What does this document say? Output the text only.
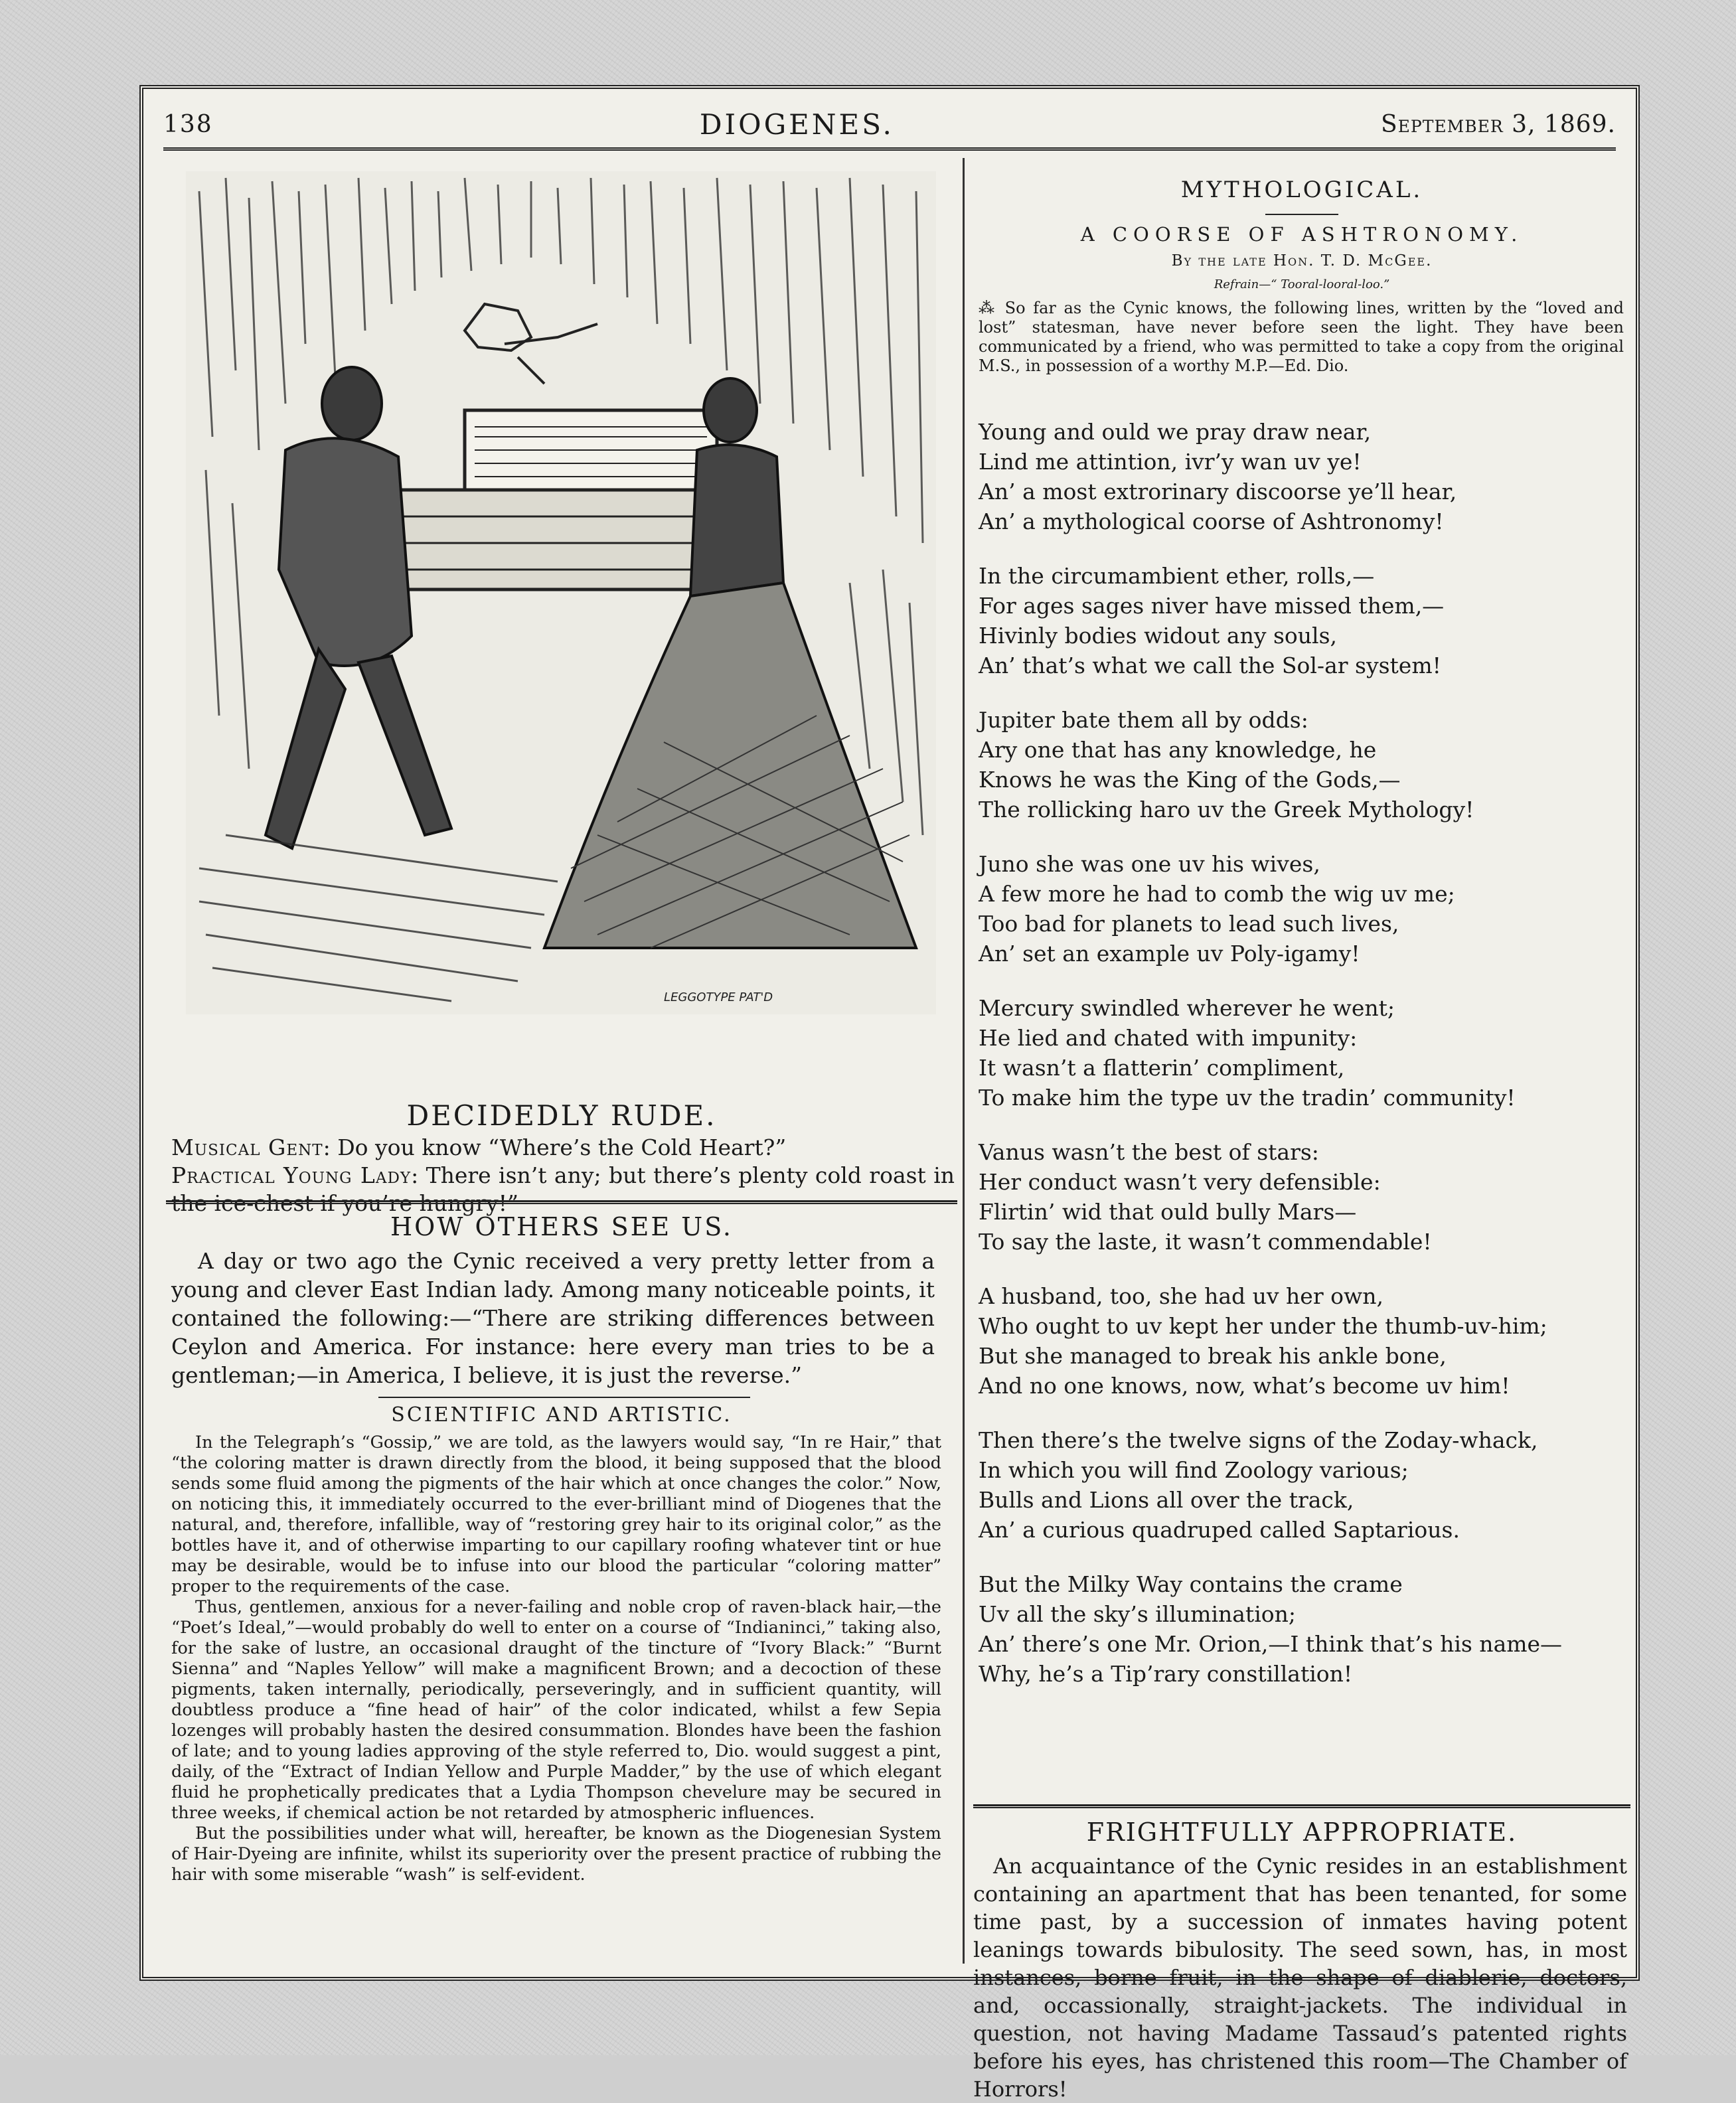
138	DIOGENES.	September 3, 1869.
LEGGOTYPE PAT'D
DECIDEDLY RUDE.
Musical Gent: Do you know “Where’s the Cold Heart?”
Practical Young Lady: There isn’t any; but there’s plenty cold roast in the ice-chest if you’re hungry!”
HOW OTHERS SEE US.
A day or two ago the Cynic received a very pretty letter from a young and clever East Indian lady. Among many noticeable points, it contained the following:—“There are striking differences between Ceylon and America. For instance: here every man tries to be a gentleman;—in America, I believe, it is just the reverse.”
SCIENTIFIC AND ARTISTIC.

In the Telegraph’s “Gossip,” we are told, as the lawyers would say, “In re Hair,” that “the coloring matter is drawn directly from the blood, it being supposed that the blood sends some fluid among the pigments of the hair which at once changes the color.” Now, on noticing this, it immediately occurred to the ever-brilliant mind of Diogenes that the natural, and, therefore, infallible, way of “restoring grey hair to its original color,” as the bottles have it, and of otherwise imparting to our capillary roofing whatever tint or hue may be desirable, would be to infuse into our blood the particular “coloring matter” proper to the requirements of the case.

Thus, gentlemen, anxious for a never-failing and noble crop of raven-black hair,—the “Poet’s Ideal,”—would probably do well to enter on a course of “Indianinci,” taking also, for the sake of lustre, an occasional draught of the tincture of “Ivory Black:” “Burnt Sienna” and “Naples Yellow” will make a magnificent Brown; and a decoction of these pigments, taken internally, periodically, perseveringly, and in sufficient quantity, will doubtless produce a “fine head of hair” of the color indicated, whilst a few Sepia lozenges will probably hasten the desired consummation. Blondes have been the fashion of late; and to young ladies approving of the style referred to, Dio. would suggest a pint, daily, of the “Extract of Indian Yellow and Purple Madder,” by the use of which elegant fluid he prophetically predicates that a Lydia Thompson chevelure may be secured in three weeks, if chemical action be not retarded by atmospheric influences.

But the possibilities under what will, hereafter, be known as the Diogenesian System of Hair-Dyeing are infinite, whilst its superiority over the present practice of rubbing the hair with some miserable “wash” is self-evident.

MYTHOLOGICAL.
A COORSE OF ASHTRONOMY.
By the late Hon. T. D. McGee.
Refrain—“ Tooral-looral-loo.”
⁂ So far as the Cynic knows, the following lines, written by the “loved and lost” statesman, have never before seen the light. They have been communicated by a friend, who was permitted to take a copy from the original M.S., in possession of a worthy M.P.—Ed. Dio.
Young and ould we pray draw near,
Lind me attintion, ivr’y wan uv ye!
An’ a most extrorinary discoorse ye’ll hear,
An’ a mythological coorse of Ashtronomy!
In the circumambient ether, rolls,—
For ages sages niver have missed them,—
Hivinly bodies widout any souls,
An’ that’s what we call the Sol-ar system!
Jupiter bate them all by odds:
Ary one that has any knowledge, he
Knows he was the King of the Gods,—
The rollicking haro uv the Greek Mythology!
Juno she was one uv his wives,
A few more he had to comb the wig uv me;
Too bad for planets to lead such lives,
An’ set an example uv Poly-igamy!
Mercury swindled wherever he went;
He lied and chated with impunity:
It wasn’t a flatterin’ compliment,
To make him the type uv the tradin’ community!
Vanus wasn’t the best of stars:
Her conduct wasn’t very defensible:
Flirtin’ wid that ould bully Mars—
To say the laste, it wasn’t commendable!
A husband, too, she had uv her own,
Who ought to uv kept her under the thumb-uv-him;
But she managed to break his ankle bone,
And no one knows, now, what’s become uv him!
Then there’s the twelve signs of the Zoday-whack,
In which you will find Zoology various;
Bulls and Lions all over the track,
An’ a curious quadruped called Saptarious.
But the Milky Way contains the crame
Uv all the sky’s illumination;
An’ there’s one Mr. Orion,—I think that’s his name—
Why, he’s a Tip’rary constillation!
FRIGHTFULLY APPROPRIATE.
An acquaintance of the Cynic resides in an establishment containing an apartment that has been tenanted, for some time past, by a succession of inmates having potent leanings towards bibulosity. The seed sown, has, in most instances, borne fruit, in the shape of diablerie, doctors, and, occassionally, straight-jackets. The individual in question, not having Madame Tassaud’s patented rights before his eyes, has christened this room—The Chamber of Horrors!
